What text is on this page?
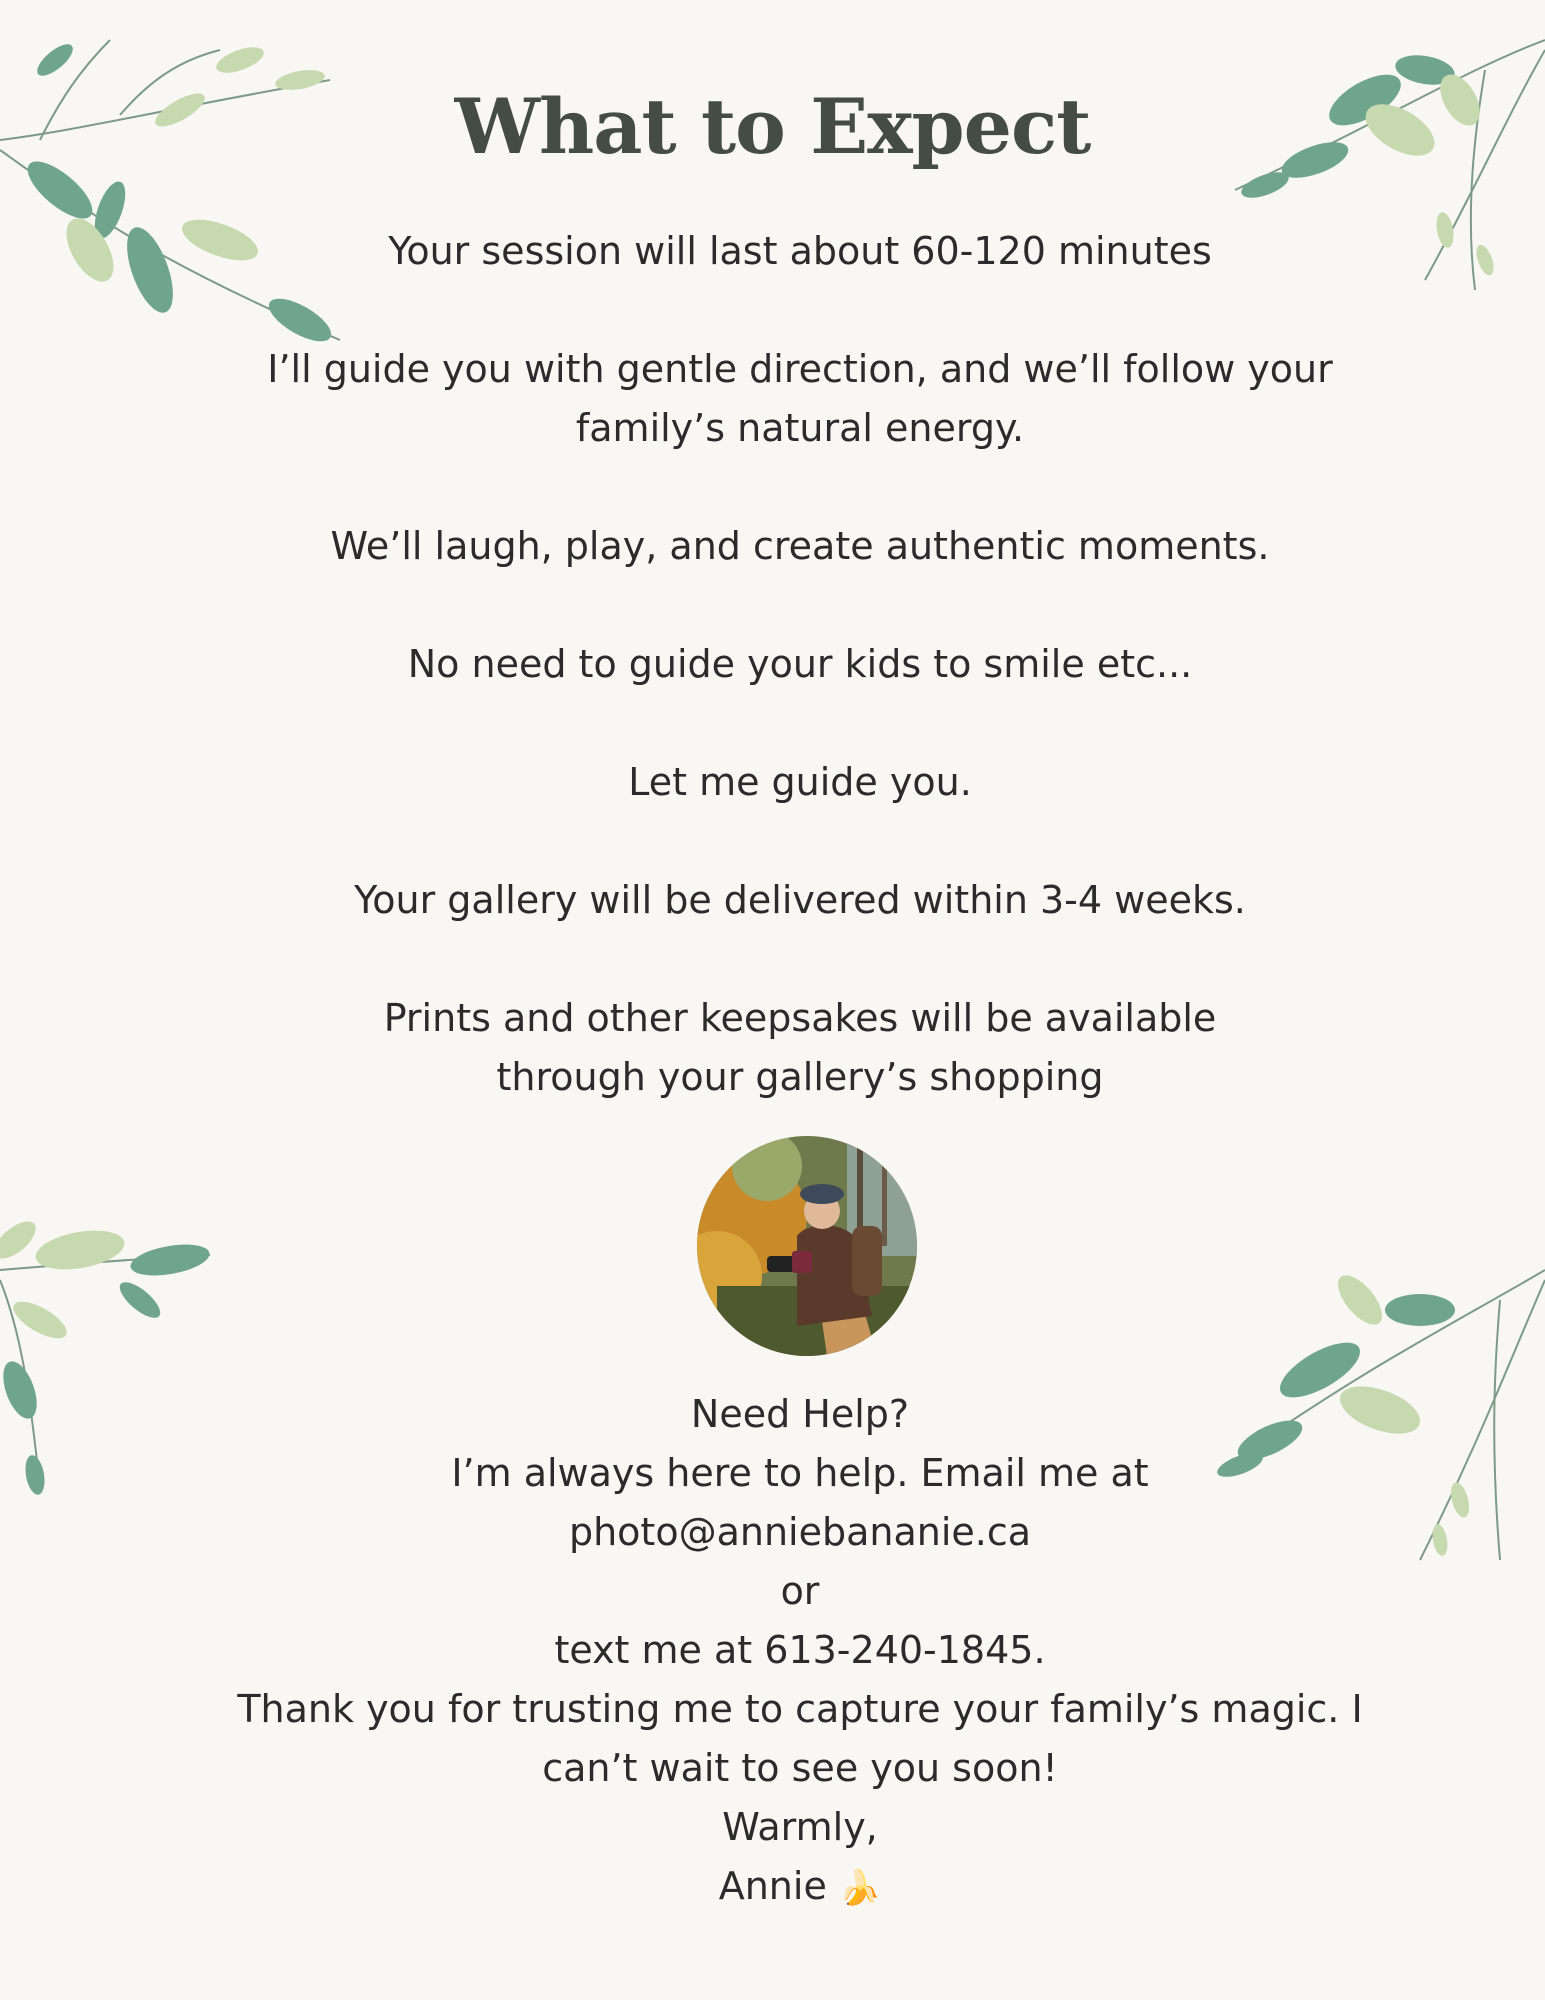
What to Expect

Your session will last about 60-120 minutes

I’ll guide you with gentle direction, and we’ll follow your

family’s natural energy.

We’ll laugh, play, and create authentic moments.

No need to guide your kids to smile etc...

Let me guide you.

Your gallery will be delivered within 3-4 weeks.

Prints and other keepsakes will be available

through your gallery’s shopping

Need Help?

I’m always here to help. Email me at

photo@anniebananie.ca

or

text me at 613-240-1845.

Thank you for trusting me to capture your family’s magic. I

can’t wait to see you soon!

Warmly,

Annie 🍌
